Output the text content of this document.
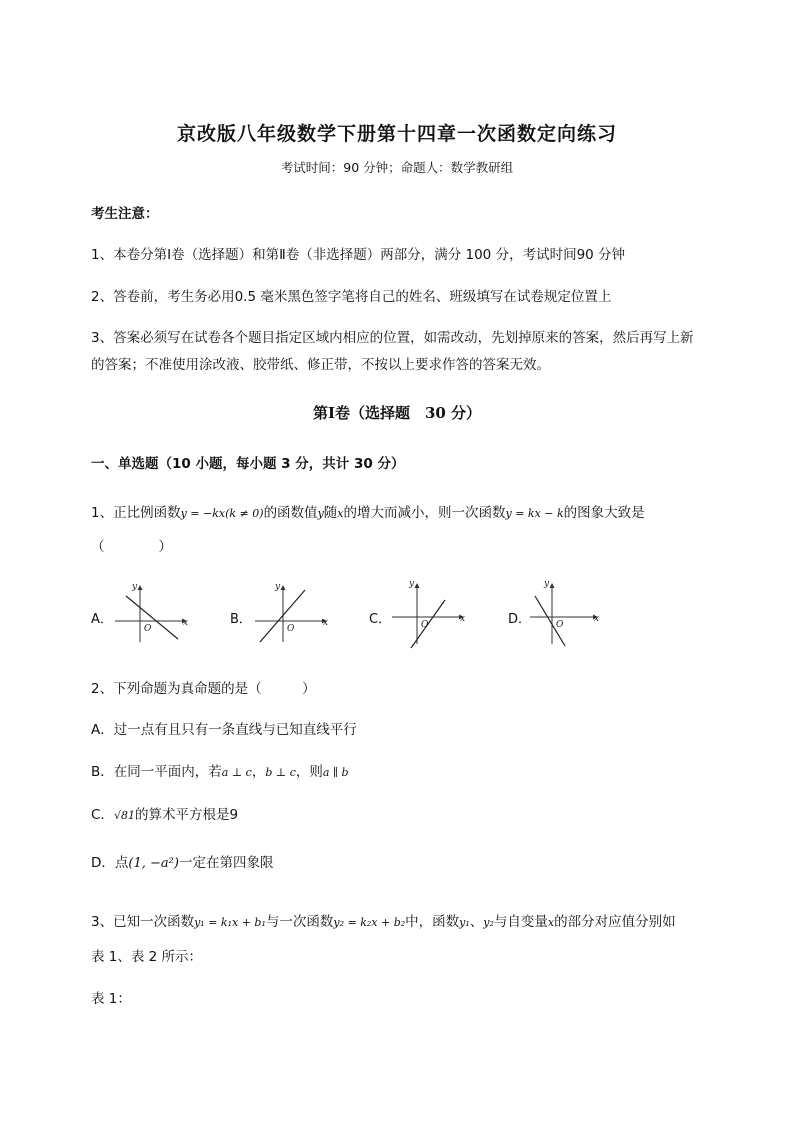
京改版八年级数学下册第十四章一次函数定向练习
考试时间：90 分钟；命题人：数学教研组
考生注意：
1、本卷分第Ⅰ卷（选择题）和第Ⅱ卷（非选择题）两部分，满分 100 分，考试时间90 分钟
2、答卷前，考生务必用0.5 毫米黑色签字笔将自己的姓名、班级填写在试卷规定位置上
3、答案必须写在试卷各个题目指定区域内相应的位置，如需改动，先划掉原来的答案，然后再写上新
的答案；不准使用涂改液、胶带纸、修正带，不按以上要求作答的答案无效。
第Ⅰ卷（选择题　30 分）
一、单选题（10 小题，每小题 3 分，共计 30 分）
1、正比例函数y = −kx(k ≠ 0)的函数值y随x的增大而减小，则一次函数y = kx − k的图象大致是
（　　　　）
A．	x
y
O
B．	x
y
O
C．	x
y
O	D．	x
y
O
2、下列命题为真命题的是（　　　）
A．过一点有且只有一条直线与已知直线平行
B．在同一平面内，若a ⊥ c，b ⊥ c，则a ∥ b
C．√81的算术平方根是9
D．点(1, −a²)一定在第四象限
3、已知一次函数y₁ = k₁x + b₁与一次函数y₂ = k₂x + b₂中，函数y₁、y₂与自变量x的部分对应值分别如
表 1、表 2 所示：
表 1：
